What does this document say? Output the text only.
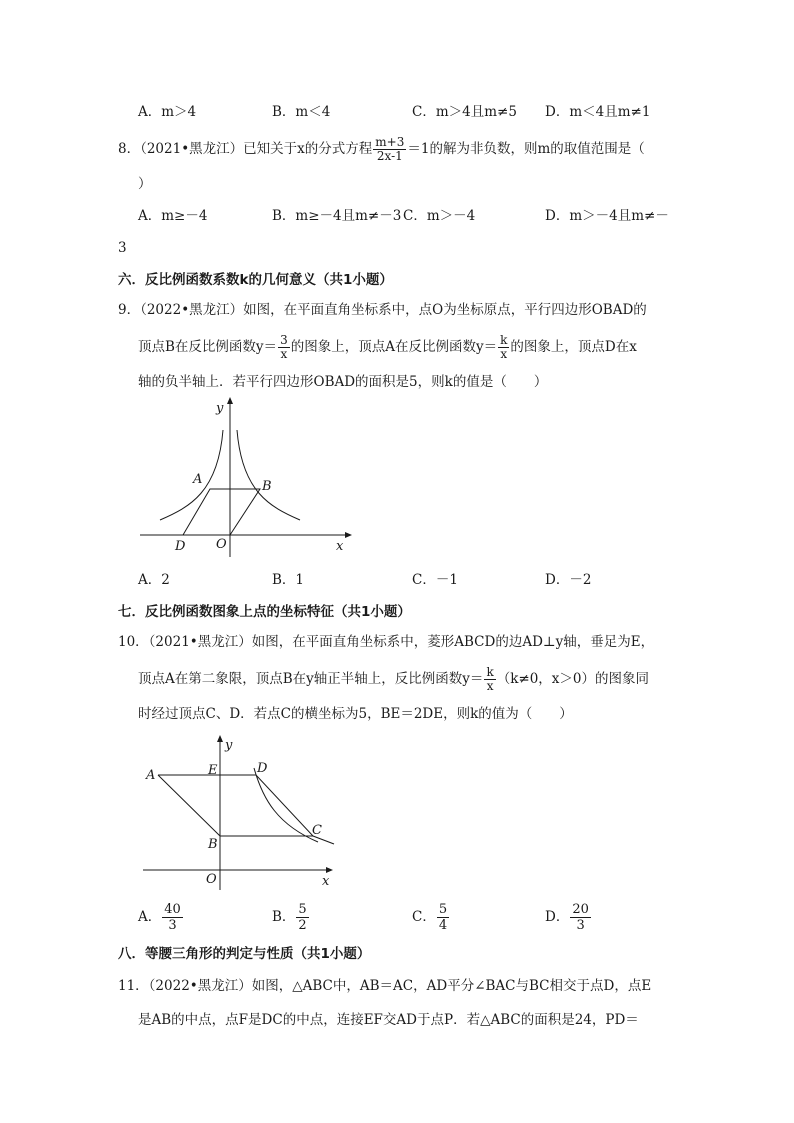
A．m＞4	B．m＜4	C．m＞4且m≠5 D．m＜4且m≠1
8．（2021•黑龙江）已知关于x的分式方程 $\frac{m+3}{2x-1} =1$的解为非负数，则m的取值范围是（
）
A．m≥－4	B．m≥－4且m≠－3 C．m＞－4	D．m＞－4且m≠－
3
六．反比例函数系数k的几何意义（共1小题）
9．（2022•黑龙江）如图，在平面直角坐标系中，点O为坐标原点，平行四边形OBAD的
顶点B在反比例函数$y= \frac{3}{x}$ 的图象上，顶点A在反比例函数$y= \frac{k}{x}$ 的图象上，顶点D在x
轴的负半轴上．若平行四边形OBAD的面积是5，则k的值是（　　）
y
A	B
D O	x
A．2	B．1	C．－1	D．－2
七．反比例函数图象上点的坐标特征（共1小题）
10．（2021•黑龙江）如图，在平面直角坐标系中，菱形ABCD的边AD⊥y轴，垂足为E，
顶点A在第二象限，顶点B在y轴正半轴上，反比例函数$y= \frac{k}{x} (k\ne 0$，x＞0）的图象同
时经过顶点C、D．若点C的横坐标为5，BE＝2DE，则k的值为（　　）
y
A	E	D
B
C
O	x
A． $\frac{40}{3}$	B． $\frac{5}{2}$	C． $\frac{5}{4}$	D． $\frac{20}{3}$
八．等腰三角形的判定与性质（共1小题）
11．（2022•黑龙江）如图，△ABC中，AB＝AC，AD平分∠BAC与BC相交于点D，点E
是AB的中点，点F是DC的中点，连接EF交AD于点P．若△ABC的面积是24，PD＝
